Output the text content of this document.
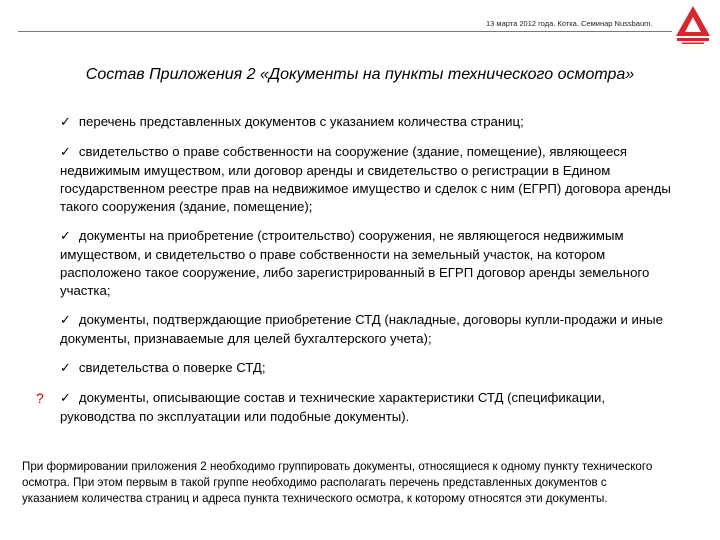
13 марта 2012 года. Котка. Семинар Nussbaum.
Состав Приложения 2 «Документы на пункты технического осмотра»
✓ перечень представленных документов с указанием количества страниц;
✓ свидетельство о праве собственности на сооружение (здание, помещение), являющееся недвижимым имуществом, или договор аренды и свидетельство о регистрации в Едином государственном реестре прав на недвижимое имущество и сделок с ним (ЕГРП) договора аренды такого сооружения (здание, помещение);
✓ документы на приобретение (строительство) сооружения, не являющегося недвижимым имуществом, и свидетельство о праве собственности на земельный участок, на котором расположено такое сооружение, либо зарегистрированный в ЕГРП договор аренды земельного участка;
✓ документы, подтверждающие приобретение СТД (накладные, договоры купли-продажи и иные документы, признаваемые для целей бухгалтерского учета);
✓ свидетельства о поверке СТД;
? ✓ документы, описывающие состав и технические характеристики СТД (спецификации, руководства по эксплуатации или подобные документы).
При формировании приложения 2 необходимо группировать документы, относящиеся к одному пункту технического осмотра. При этом первым в такой группе необходимо располагать перечень представленных документов с указанием количества страниц и адреса пункта технического осмотра, к которому относятся эти документы.
